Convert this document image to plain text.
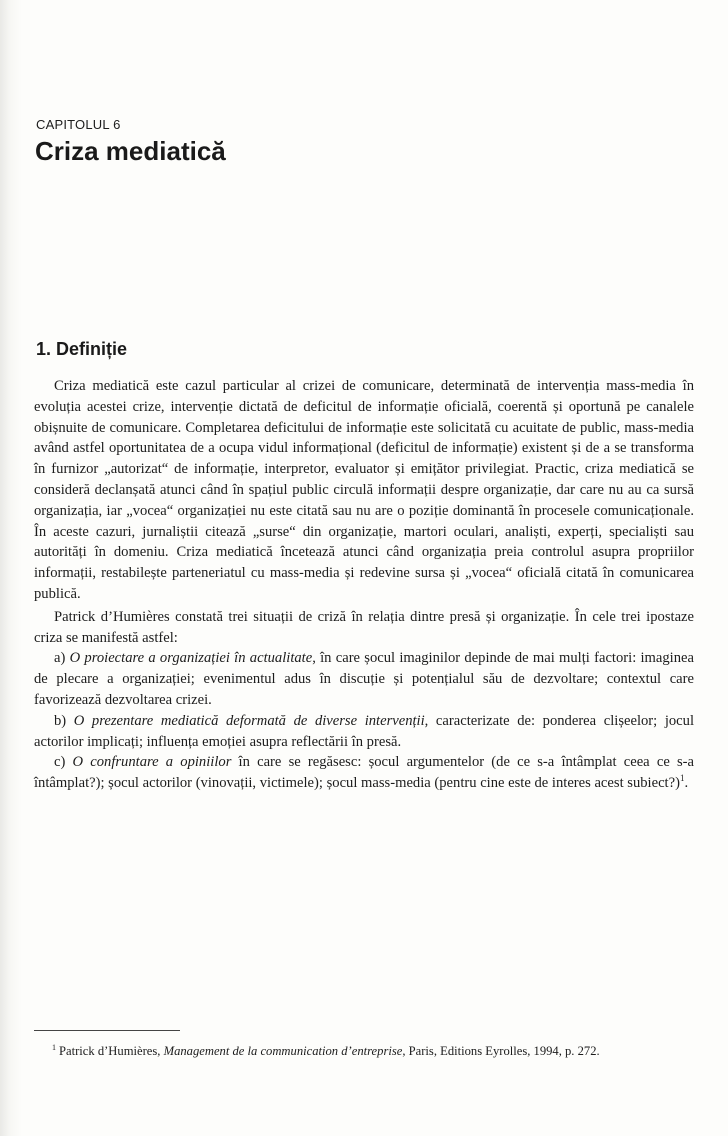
CAPITOLUL 6
Criza mediatică
1. Definiție

Criza mediatică este cazul particular al crizei de comunicare, determinată de intervenția mass-media în evoluția acestei crize, intervenție dictată de deficitul de informație oficială, coerentă și oportună pe canalele obișnuite de comunicare. Completarea deficitului de informație este solicitată cu acuitate de public, mass-media având astfel oportunitatea de a ocupa vidul informațional (deficitul de informație) existent și de a se transforma în furnizor „autorizat“ de informație, interpretor, evaluator și emițător privilegiat. Practic, criza mediatică se consideră declanșată atunci când în spațiul public circulă informații despre organizație, dar care nu au ca sursă organizația, iar „vocea“ organizației nu este citată sau nu are o poziție dominantă în procesele comunicaționale. În aceste cazuri, jurnaliștii citează „surse“ din organizație, martori oculari, analiști, experți, specialiști sau autorități în domeniu. Criza mediatică încetează atunci când organizația preia controlul asupra propriilor informații, restabilește parteneriatul cu mass-media și redevine sursa și „vocea“ oficială citată în comunicarea publică.

Patrick d’Humières constată trei situații de criză în relația dintre presă și organizație. În cele trei ipostaze criza se manifestă astfel:

a) O proiectare a organizației în actualitate, în care șocul imaginilor depinde de mai mulți factori: imaginea de plecare a organizației; evenimentul adus în discuție și potențialul său de dezvoltare; contextul care favorizează dezvoltarea crizei.

b) O prezentare mediatică deformată de diverse intervenții, caracterizate de: ponderea clișeelor; jocul actorilor implicați; influența emoției asupra reflectării în presă.

c) O confruntare a opiniilor în care se regăsesc: șocul argumentelor (de ce s-a întâmplat ceea ce s-a întâmplat?); șocul actorilor (vinovații, victimele); șocul mass-media (pentru cine este de interes acest subiect?)$^1$.

$^1$ Patrick d’Humières, Management de la communication d’entreprise, Paris, Editions Eyrolles, 1994, p. 272.
